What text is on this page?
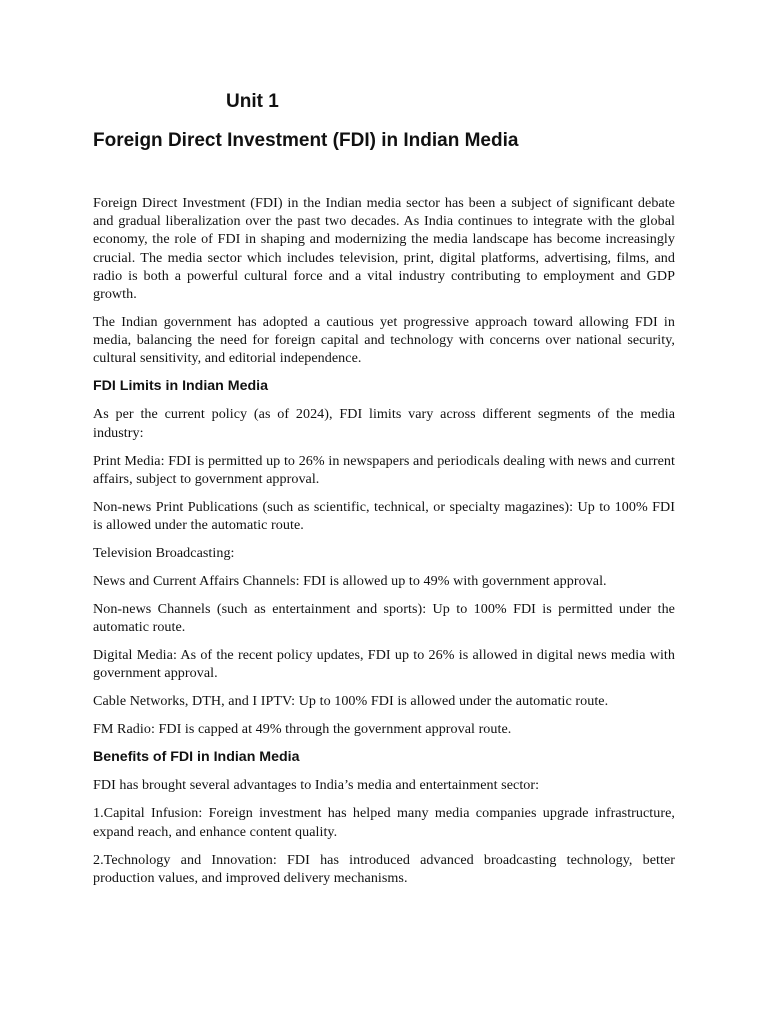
Unit 1
Foreign Direct Investment (FDI) in Indian Media

Foreign Direct Investment (FDI) in the Indian media sector has been a subject of significant debate and gradual liberalization over the past two decades. As India continues to integrate with the global economy, the role of FDI in shaping and modernizing the media landscape has become increasingly crucial. The media sector which includes television, print, digital platforms, advertising, films, and radio is both a powerful cultural force and a vital industry contributing to employment and GDP growth.

The Indian government has adopted a cautious yet progressive approach toward allowing FDI in media, balancing the need for foreign capital and technology with concerns over national security, cultural sensitivity, and editorial independence.

FDI Limits in Indian Media

As per the current policy (as of 2024), FDI limits vary across different segments of the media industry:

Print Media: FDI is permitted up to 26% in newspapers and periodicals dealing with news and current affairs, subject to government approval.

Non-news Print Publications (such as scientific, technical, or specialty magazines): Up to 100% FDI is allowed under the automatic route.

Television Broadcasting:

News and Current Affairs Channels: FDI is allowed up to 49% with government approval.

Non-news Channels (such as entertainment and sports): Up to 100% FDI is permitted under the automatic route.

Digital Media: As of the recent policy updates, FDI up to 26% is allowed in digital news media with government approval.

Cable Networks, DTH, and I IPTV: Up to 100% FDI is allowed under the automatic route.

FM Radio: FDI is capped at 49% through the government approval route.

Benefits of FDI in Indian Media

FDI has brought several advantages to India’s media and entertainment sector:

1.Capital Infusion: Foreign investment has helped many media companies upgrade infrastructure, expand reach, and enhance content quality.

2.Technology and Innovation: FDI has introduced advanced broadcasting technology, better production values, and improved delivery mechanisms.
